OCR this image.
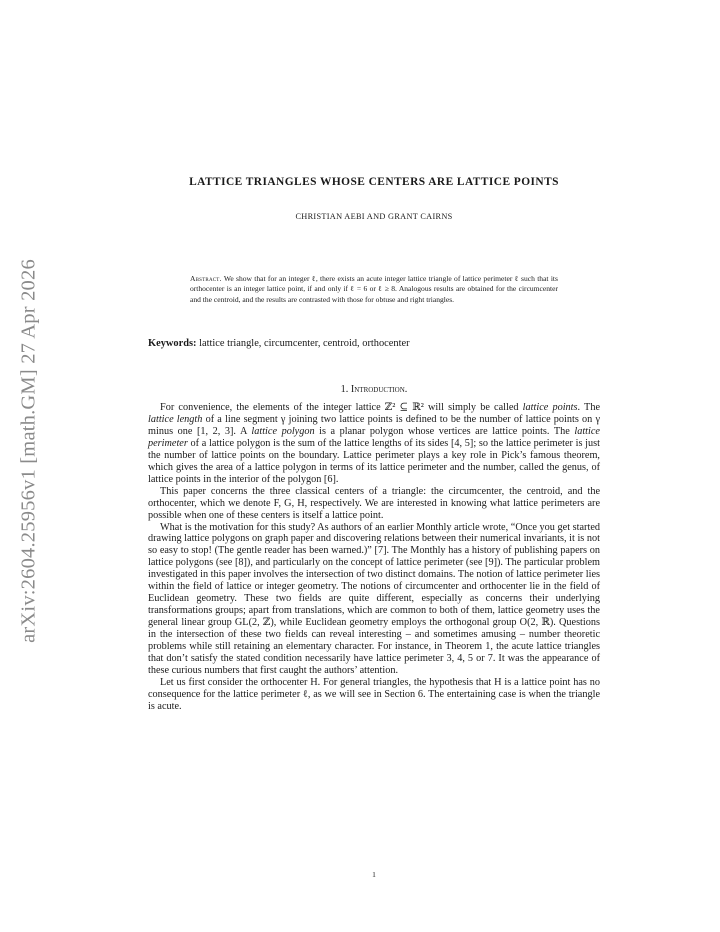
arXiv:2604.25956v1 [math.GM] 27 Apr 2026
LATTICE TRIANGLES WHOSE CENTERS ARE LATTICE POINTS
CHRISTIAN AEBI AND GRANT CAIRNS
Abstract. We show that for an integer ℓ, there exists an acute integer lattice triangle of lattice perimeter ℓ such that its orthocenter is an integer lattice point, if and only if ℓ = 6 or ℓ ≥ 8. Analogous results are obtained for the circumcenter and the centroid, and the results are contrasted with those for obtuse and right triangles.
Keywords: lattice triangle, circumcenter, centroid, orthocenter
1. Introduction.

For convenience, the elements of the integer lattice ℤ² ⊆ ℝ² will simply be called lattice points. The lattice length of a line segment γ joining two lattice points is defined to be the number of lattice points on γ minus one [1, 2, 3]. A lattice polygon is a planar polygon whose vertices are lattice points. The lattice perimeter of a lattice polygon is the sum of the lattice lengths of its sides [4, 5]; so the lattice perimeter is just the number of lattice points on the boundary. Lattice perimeter plays a key role in Pick’s famous theorem, which gives the area of a lattice polygon in terms of its lattice perimeter and the number, called the genus, of lattice points in the interior of the polygon [6].

This paper concerns the three classical centers of a triangle: the circumcenter, the centroid, and the orthocenter, which we denote F, G, H, respectively. We are interested in knowing what lattice perimeters are possible when one of these centers is itself a lattice point.

What is the motivation for this study? As authors of an earlier Monthly article wrote, “Once you get started drawing lattice polygons on graph paper and discovering relations between their numerical invariants, it is not so easy to stop! (The gentle reader has been warned.)” [7]. The Monthly has a history of publishing papers on lattice polygons (see [8]), and particularly on the concept of lattice perimeter (see [9]). The particular problem investigated in this paper involves the intersection of two distinct domains. The notion of lattice perimeter lies within the field of lattice or integer geometry. The notions of circumcenter and orthocenter lie in the field of Euclidean geometry. These two fields are quite different, especially as concerns their underlying transformations groups; apart from translations, which are common to both of them, lattice geometry uses the general linear group GL(2, ℤ), while Euclidean geometry employs the orthogonal group O(2, ℝ). Questions in the intersection of these two fields can reveal interesting – and sometimes amusing – number theoretic problems while still retaining an elementary character. For instance, in Theorem 1, the acute lattice triangles that don’t satisfy the stated condition necessarily have lattice perimeter 3, 4, 5 or 7. It was the appearance of these curious numbers that first caught the authors’ attention.

Let us first consider the orthocenter H. For general triangles, the hypothesis that H is a lattice point has no consequence for the lattice perimeter ℓ, as we will see in Section 6. The entertaining case is when the triangle is acute.

1
